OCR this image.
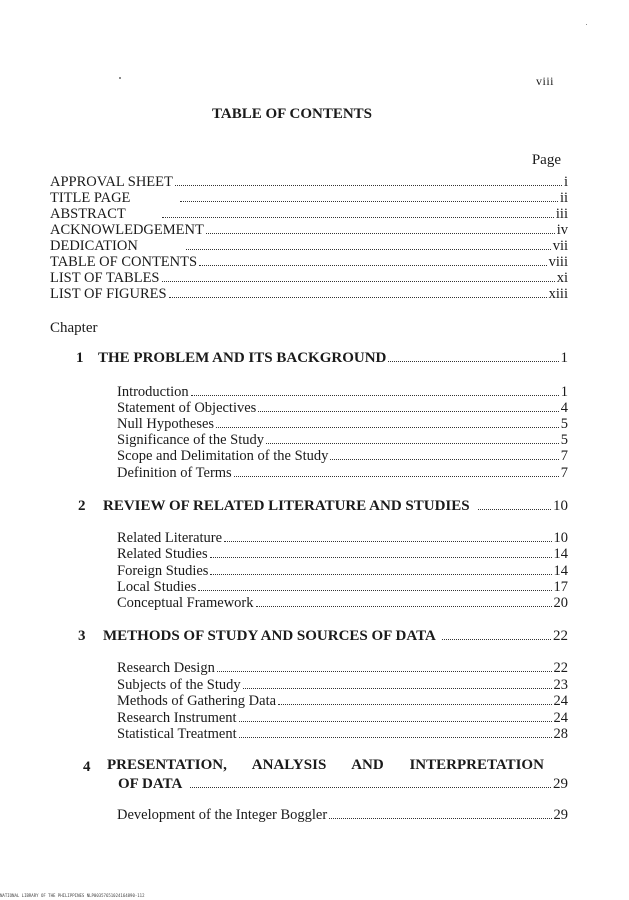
viii
TABLE OF CONTENTS
Page
APPROVAL SHEET	i
TITLE PAGE	ii
ABSTRACT	iii
ACKNOWLEDGEMENT	iv
DEDICATION	vii
TABLE OF CONTENTS	viii
LIST OF TABLES	xi
LIST OF FIGURES	xiii
Chapter
1 THE PROBLEM AND ITS BACKGROUND	1
Introduction	1
Statement of Objectives	4
Null Hypotheses	5
Significance of the Study	5
Scope and Delimitation of the Study	7
Definition of Terms	7
2 REVIEW OF RELATED LITERATURE AND STUDIES	10
Related Literature	10
Related Studies	14
Foreign Studies	14
Local Studies	17
Conceptual Framework	20
3 METHODS OF STUDY AND SOURCES OF DATA	22
Research Design	22
Subjects of the Study	23
Methods of Gathering Data	24
Research Instrument	24
Statistical Treatment	28
4 PRESENTATION, ANALYSIS AND INTERPRETATION
OF DATA	29
Development of the Integer Boggler	29
NATIONAL LIBRARY OF THE PHILIPPINES NLP00357651024164890-112
